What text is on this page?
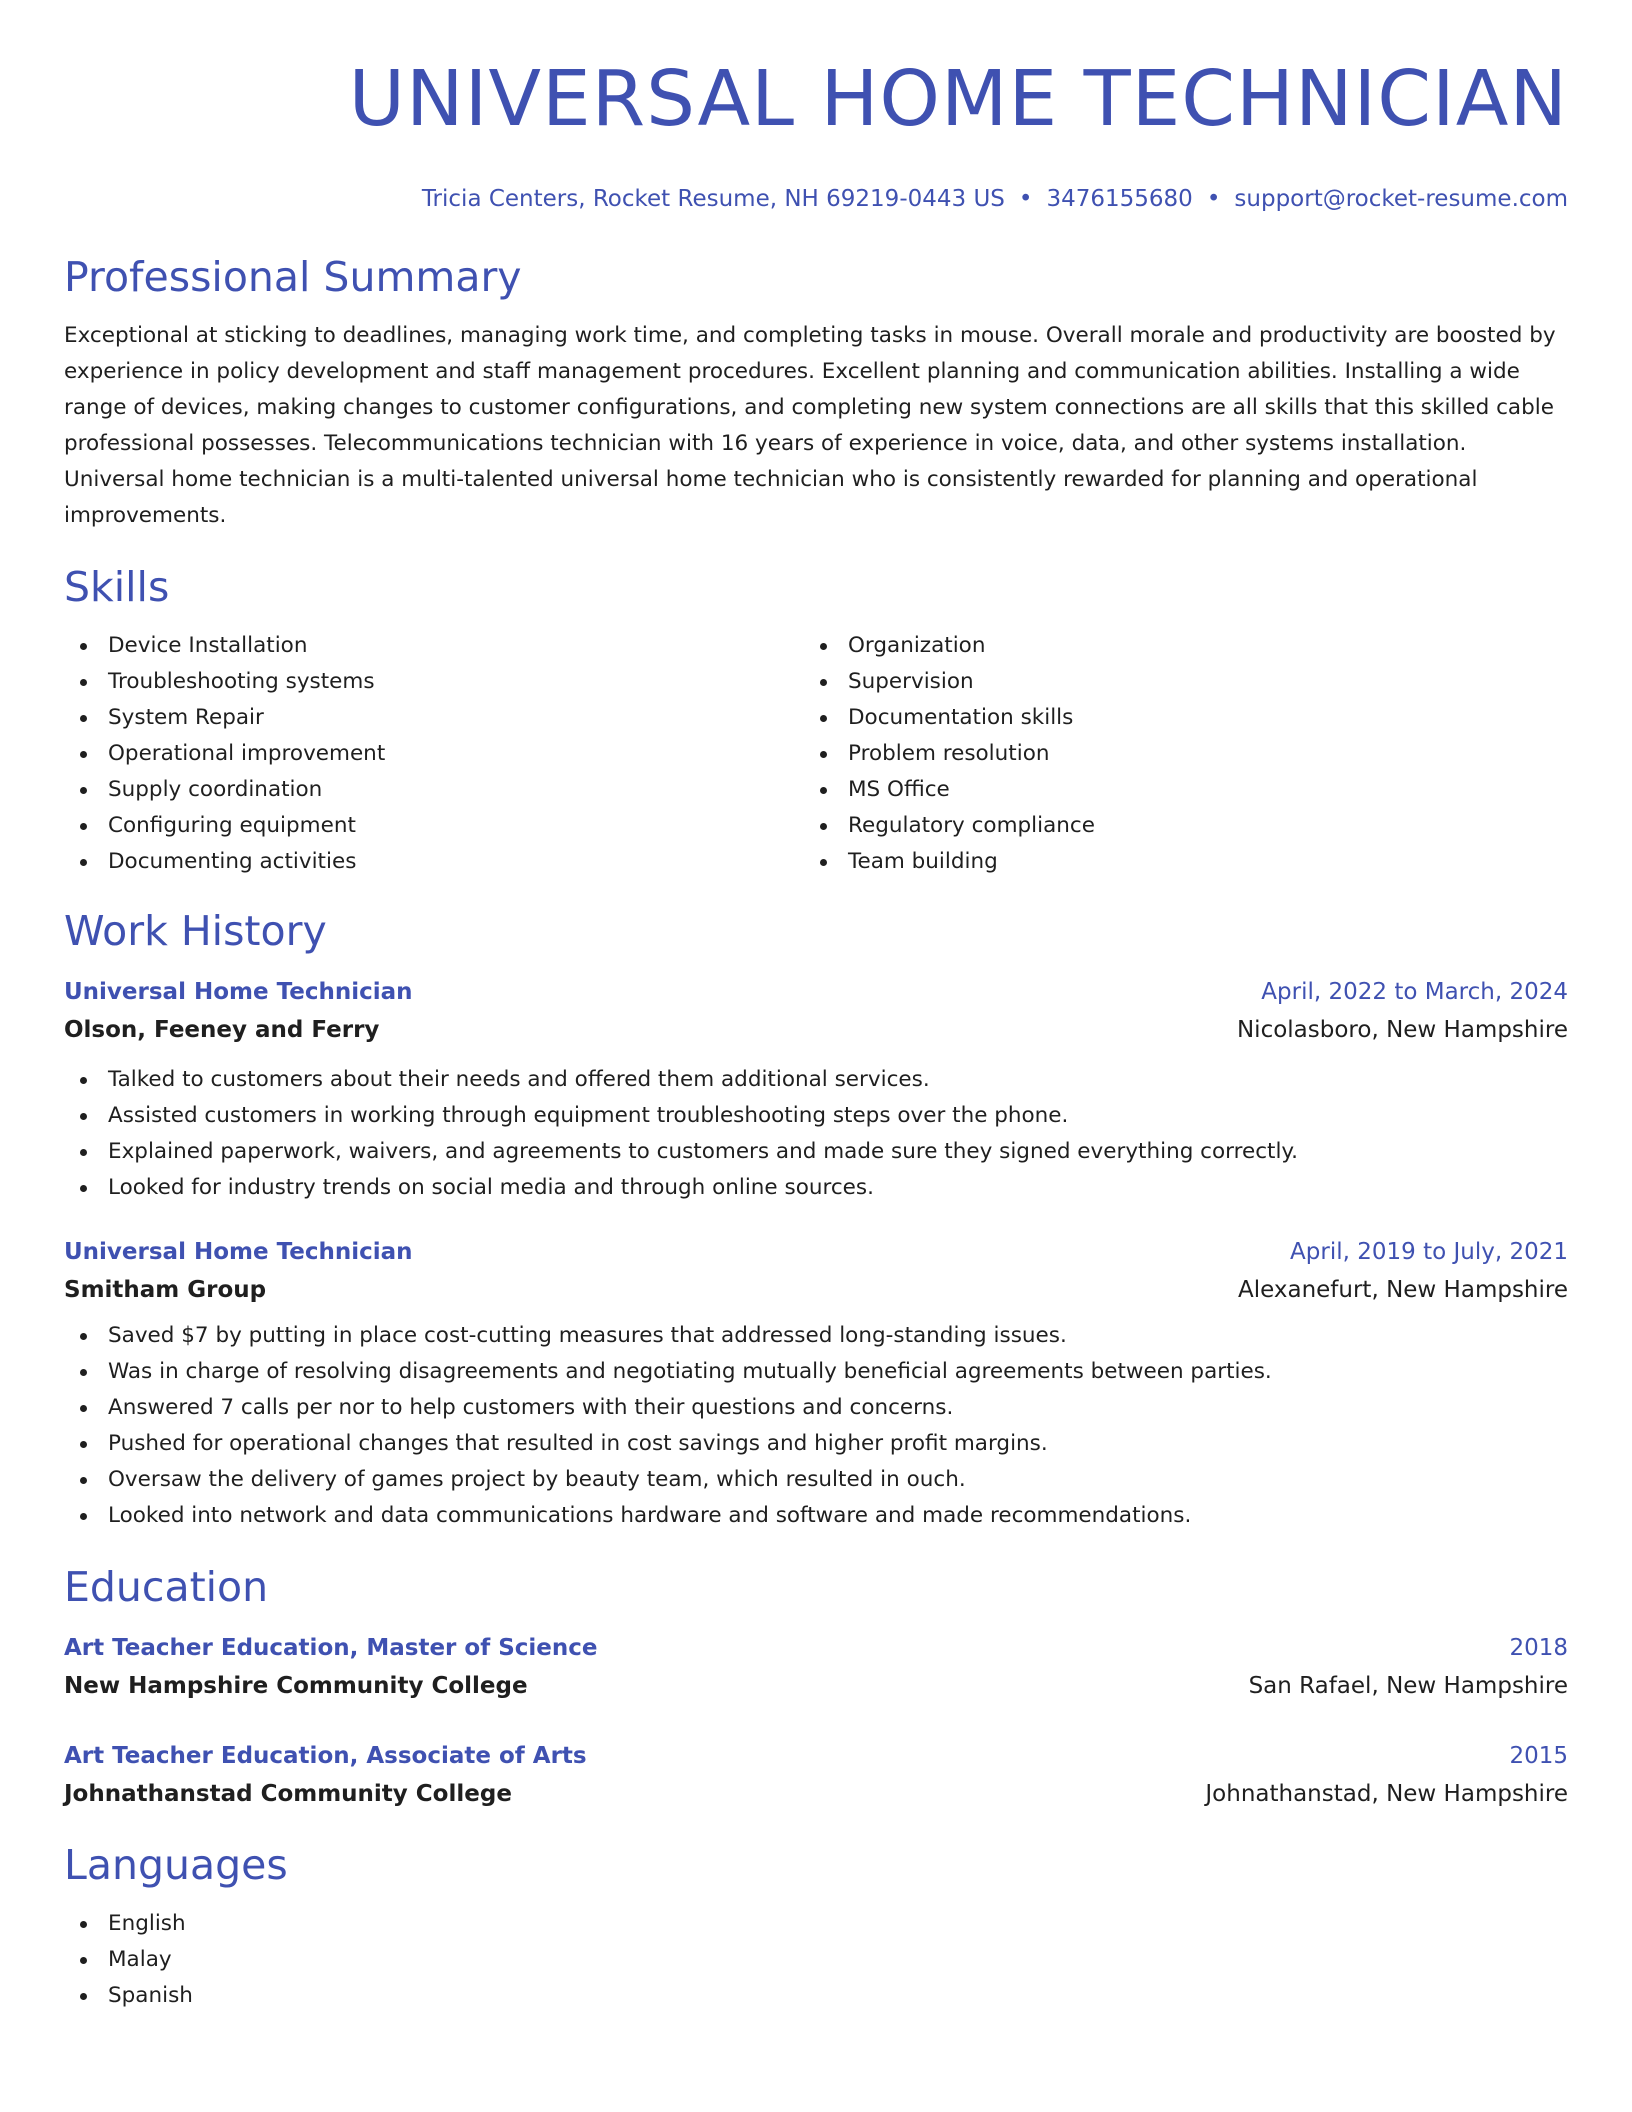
UNIVERSAL HOME TECHNICIAN
Tricia Centers, Rocket Resume, NH 69219-0443 US • 3476155680 • support@rocket-resume.com
Professional Summary
Exceptional at sticking to deadlines, managing work time, and completing tasks in mouse. Overall morale and productivity are boosted by experience in policy development and staff management procedures. Excellent planning and communication abilities. Installing a wide range of devices, making changes to customer configurations, and completing new system connections are all skills that this skilled cable professional possesses. Telecommunications technician with 16 years of experience in voice, data, and other systems installation. Universal home technician is a multi-talented universal home technician who is consistently rewarded for planning and operational improvements.
Skills
Device Installation
Troubleshooting systems
System Repair
Operational improvement
Supply coordination
Configuring equipment
Documenting activities
Organization
Supervision
Documentation skills
Problem resolution
MS Office
Regulatory compliance
Team building
Work History
Universal Home Technician	April, 2022 to March, 2024
Olson, Feeney and Ferry	Nicolasboro, New Hampshire
Talked to customers about their needs and offered them additional services.
Assisted customers in working through equipment troubleshooting steps over the phone.
Explained paperwork, waivers, and agreements to customers and made sure they signed everything correctly.
Looked for industry trends on social media and through online sources.
Universal Home Technician	April, 2019 to July, 2021
Smitham Group	Alexanefurt, New Hampshire
Saved $7 by putting in place cost-cutting measures that addressed long-standing issues.
Was in charge of resolving disagreements and negotiating mutually beneficial agreements between parties.
Answered 7 calls per nor to help customers with their questions and concerns.
Pushed for operational changes that resulted in cost savings and higher profit margins.
Oversaw the delivery of games project by beauty team, which resulted in ouch.
Looked into network and data communications hardware and software and made recommendations.
Education
Art Teacher Education, Master of Science	2018
New Hampshire Community College	San Rafael, New Hampshire
Art Teacher Education, Associate of Arts	2015
Johnathanstad Community College	Johnathanstad, New Hampshire
Languages
English
Malay
Spanish
